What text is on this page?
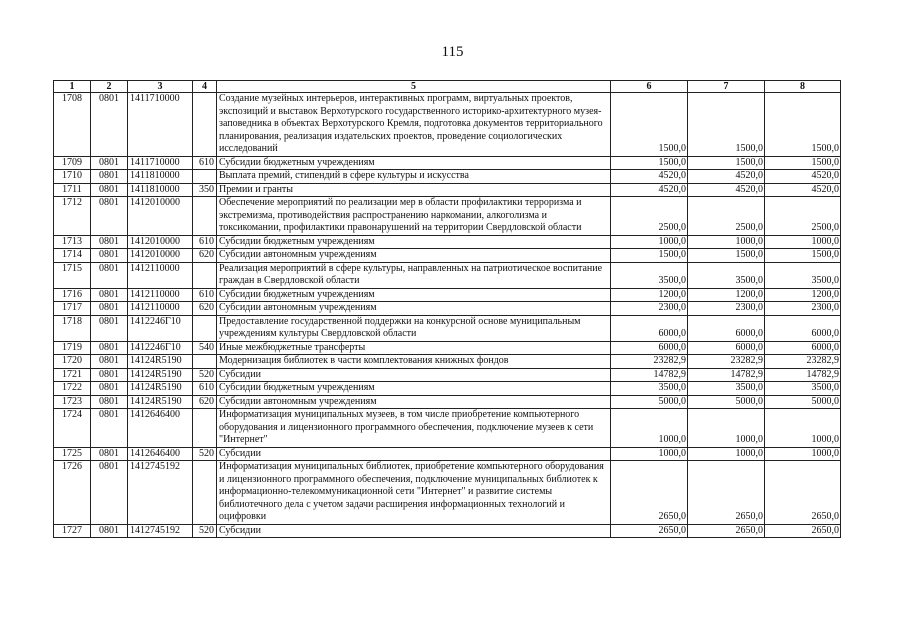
115
1	2	3	4	5	6	7	8
1708	0801	1411710000		Создание музейных интерьеров, интерактивных программ, виртуальных проектов, экспозиций и выставок Верхотурского государственного историко-архитектурного музея-заповедника в объектах Верхотурского Кремля, подготовка документов территориального планирования, реализация издательских проектов, проведение социологических исследований	1500,0	1500,0	1500,0
1709	0801	1411710000	610	Субсидии бюджетным учреждениям	1500,0	1500,0	1500,0
1710	0801	1411810000		Выплата премий, стипендий в сфере культуры и искусства	4520,0	4520,0	4520,0
1711	0801	1411810000	350	Премии и гранты	4520,0	4520,0	4520,0
1712	0801	1412010000		Обеспечение мероприятий по реализации мер в области профилактики терроризма и экстремизма, противодействия распространению наркомании, алкоголизма и токсикомании, профилактики правонарушений на территории Свердловской области	2500,0	2500,0	2500,0
1713	0801	1412010000	610	Субсидии бюджетным учреждениям	1000,0	1000,0	1000,0
1714	0801	1412010000	620	Субсидии автономным учреждениям	1500,0	1500,0	1500,0
1715	0801	1412110000		Реализация мероприятий в сфере культуры, направленных на патриотическое воспитание граждан в Свердловской области	3500,0	3500,0	3500,0
1716	0801	1412110000	610	Субсидии бюджетным учреждениям	1200,0	1200,0	1200,0
1717	0801	1412110000	620	Субсидии автономным учреждениям	2300,0	2300,0	2300,0
1718	0801	1412246Г10		Предоставление государственной поддержки на конкурсной основе муниципальным учреждениям культуры Свердловской области	6000,0	6000,0	6000,0
1719	0801	1412246Г10	540	Иные межбюджетные трансферты	6000,0	6000,0	6000,0
1720	0801	14124R5190		Модернизация библиотек в части комплектования книжных фондов	23282,9	23282,9	23282,9
1721	0801	14124R5190	520	Субсидии	14782,9	14782,9	14782,9
1722	0801	14124R5190	610	Субсидии бюджетным учреждениям	3500,0	3500,0	3500,0
1723	0801	14124R5190	620	Субсидии автономным учреждениям	5000,0	5000,0	5000,0
1724	0801	1412646400		Информатизация муниципальных музеев, в том числе приобретение компьютерного оборудования и лицензионного программного обеспечения, подключение музеев к сети "Интернет"	1000,0	1000,0	1000,0
1725	0801	1412646400	520	Субсидии	1000,0	1000,0	1000,0
1726	0801	1412745192		Информатизация муниципальных библиотек, приобретение компьютерного оборудования и лицензионного программного обеспечения, подключение муниципальных библиотек к информационно-телекоммуникационной сети "Интернет" и развитие системы библиотечного дела с учетом задачи расширения информационных технологий и оцифровки	2650,0	2650,0	2650,0
1727	0801	1412745192	520	Субсидии	2650,0	2650,0	2650,0
